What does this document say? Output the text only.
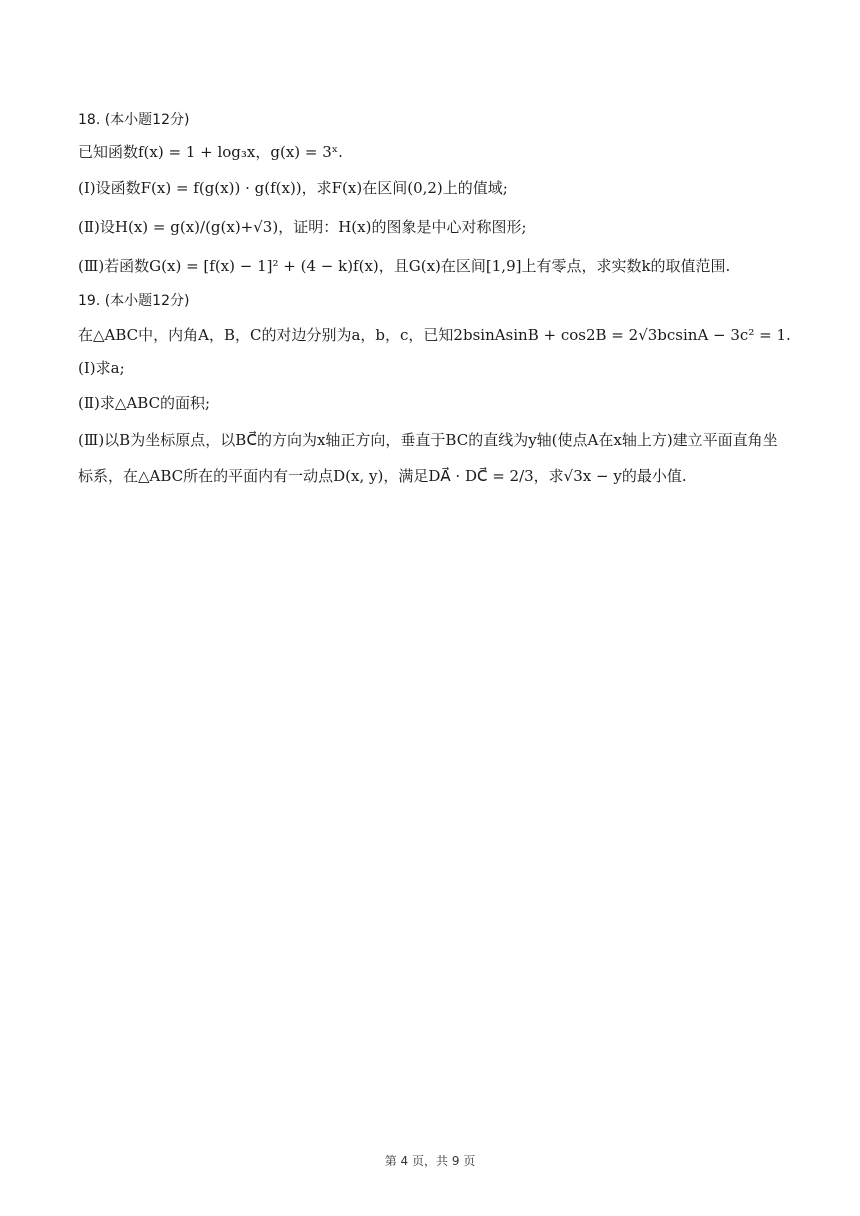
18. (本小题12分)

已知函数f(x) = 1 + log₃x，g(x) = 3ˣ.

(Ⅰ)设函数F(x) = f(g(x)) · g(f(x))，求F(x)在区间(0,2)上的值域;

(Ⅱ)设H(x) = g(x)/(g(x)+√3)，证明：H(x)的图象是中心对称图形;

(Ⅲ)若函数G(x) = [f(x) − 1]² + (4 − k)f(x)，且G(x)在区间[1,9]上有零点，求实数k的取值范围.

19. (本小题12分)

在△ABC中，内角A，B，C的对边分别为a，b，c，已知2bsinAsinB + cos2B = 2√3bcsinA − 3c² = 1.

(Ⅰ)求a;

(Ⅱ)求△ABC的面积;

(Ⅲ)以B为坐标原点，以BC⃗的方向为x轴正方向，垂直于BC的直线为y轴(使点A在x轴上方)建立平面直角坐

标系，在△ABC所在的平面内有一动点D(x, y)，满足DA⃗ · DC⃗ = 2/3，求√3x − y的最小值.

第 4 页，共 9 页
